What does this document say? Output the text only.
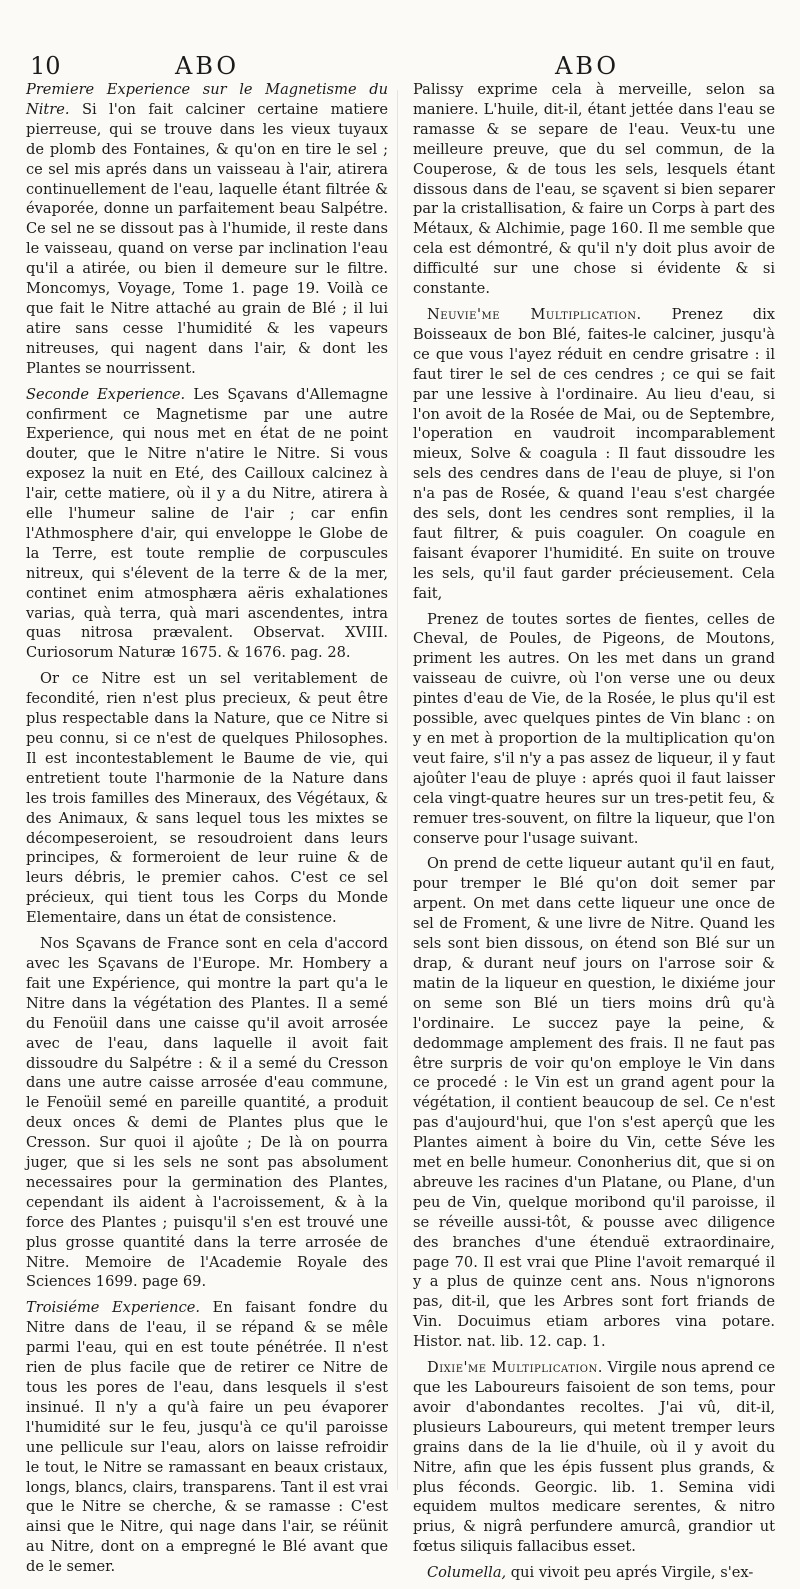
10	ABO	ABO

Premiere Experience sur le Magnetisme du Nitre. Si l'on fait calciner certaine matiere pierreuse, qui se trouve dans les vieux tuyaux de plomb des Fontaines, & qu'on en tire le sel ; ce sel mis aprés dans un vaisseau à l'air, atirera continuellement de l'eau, laquelle étant filtrée & évaporée, donne un parfaitement beau Salpétre. Ce sel ne se dissout pas à l'humide, il reste dans le vaisseau, quand on verse par inclination l'eau qu'il a atirée, ou bien il demeure sur le filtre. Moncomys, Voyage, Tome 1. page 19. Voilà ce que fait le Nitre attaché au grain de Blé ; il lui atire sans cesse l'humidité & les vapeurs nitreuses, qui nagent dans l'air, & dont les Plantes se nourrissent.

Seconde Experience. Les Sçavans d'Allemagne confirment ce Magnetisme par une autre Experience, qui nous met en état de ne point douter, que le Nitre n'atire le Nitre. Si vous exposez la nuit en Eté, des Cailloux calcinez à l'air, cette matiere, où il y a du Nitre, atirera à elle l'humeur saline de l'air ; car enfin l'Athmosphere d'air, qui enveloppe le Globe de la Terre, est toute remplie de corpuscules nitreux, qui s'élevent de la terre & de la mer, continet enim atmosphæra aëris exhalationes varias, quà terra, quà mari ascendentes, intra quas nitrosa prævalent. Observat. XVIII. Curiosorum Naturæ 1675. & 1676. pag. 28.

Or ce Nitre est un sel veritablement de fecondité, rien n'est plus precieux, & peut être plus respectable dans la Nature, que ce Nitre si peu connu, si ce n'est de quelques Philosophes. Il est incontestablement le Baume de vie, qui entretient toute l'harmonie de la Nature dans les trois familles des Mineraux, des Végétaux, & des Animaux, & sans lequel tous les mixtes se décompeseroient, se resoudroient dans leurs principes, & formeroient de leur ruine & de leurs débris, le premier cahos. C'est ce sel précieux, qui tient tous les Corps du Monde Elementaire, dans un état de consistence.

Nos Sçavans de France sont en cela d'accord avec les Sçavans de l'Europe. Mr. Hombery a fait une Expérience, qui montre la part qu'a le Nitre dans la végétation des Plantes. Il a semé du Fenoüil dans une caisse qu'il avoit arrosée avec de l'eau, dans laquelle il avoit fait dissoudre du Salpétre : & il a semé du Cresson dans une autre caisse arrosée d'eau commune, le Fenoüil semé en pareille quantité, a produit deux onces & demi de Plantes plus que le Cresson. Sur quoi il ajoûte ; De là on pourra juger, que si les sels ne sont pas absolument necessaires pour la germination des Plantes, cependant ils aident à l'acroissement, & à la force des Plantes ; puisqu'il s'en est trouvé une plus grosse quantité dans la terre arrosée de Nitre. Memoire de l'Academie Royale des Sciences 1699. page 69.

Troisiéme Experience. En faisant fondre du Nitre dans de l'eau, il se répand & se mêle parmi l'eau, qui en est toute pénétrée. Il n'est rien de plus facile que de retirer ce Nitre de tous les pores de l'eau, dans lesquels il s'est insinué. Il n'y a qu'à faire un peu évaporer l'humidité sur le feu, jusqu'à ce qu'il paroisse une pellicule sur l'eau, alors on laisse refroidir le tout, le Nitre se ramassant en beaux cristaux, longs, blancs, clairs, transparens. Tant il est vrai que le Nitre se cherche, & se ramasse : C'est ainsi que le Nitre, qui nage dans l'air, se réünit au Nitre, dont on a empregné le Blé avant que de le semer.

Palissy exprime cela à merveille, selon sa maniere. L'huile, dit-il, étant jettée dans l'eau se ramasse & se separe de l'eau. Veux-tu une meilleure preuve, que du sel commun, de la Couperose, & de tous les sels, lesquels étant dissous dans de l'eau, se sçavent si bien separer par la cristallisation, & faire un Corps à part des Métaux, & Alchimie, page 160. Il me semble que cela est démontré, & qu'il n'y doit plus avoir de difficulté sur une chose si évidente & si constante.

Neuvie'me Multiplication. Prenez dix Boisseaux de bon Blé, faites-le calciner, jusqu'à ce que vous l'ayez réduit en cendre grisatre : il faut tirer le sel de ces cendres ; ce qui se fait par une lessive à l'ordinaire. Au lieu d'eau, si l'on avoit de la Rosée de Mai, ou de Septembre, l'operation en vaudroit incomparablement mieux, Solve & coagula : Il faut dissoudre les sels des cendres dans de l'eau de pluye, si l'on n'a pas de Rosée, & quand l'eau s'est chargée des sels, dont les cendres sont remplies, il la faut filtrer, & puis coaguler. On coagule en faisant évaporer l'humidité. En suite on trouve les sels, qu'il faut garder précieusement. Cela fait,

Prenez de toutes sortes de fientes, celles de Cheval, de Poules, de Pigeons, de Moutons, priment les autres. On les met dans un grand vaisseau de cuivre, où l'on verse une ou deux pintes d'eau de Vie, de la Rosée, le plus qu'il est possible, avec quelques pintes de Vin blanc : on y en met à proportion de la multiplication qu'on veut faire, s'il n'y a pas assez de liqueur, il y faut ajoûter l'eau de pluye : aprés quoi il faut laisser cela vingt-quatre heures sur un tres-petit feu, & remuer tres-souvent, on filtre la liqueur, que l'on conserve pour l'usage suivant.

On prend de cette liqueur autant qu'il en faut, pour tremper le Blé qu'on doit semer par arpent. On met dans cette liqueur une once de sel de Froment, & une livre de Nitre. Quand les sels sont bien dissous, on étend son Blé sur un drap, & durant neuf jours on l'arrose soir & matin de la liqueur en question, le dixiéme jour on seme son Blé un tiers moins drû qu'à l'ordinaire. Le succez paye la peine, & dedommage amplement des frais. Il ne faut pas être surpris de voir qu'on employe le Vin dans ce procedé : le Vin est un grand agent pour la végétation, il contient beaucoup de sel. Ce n'est pas d'aujourd'hui, que l'on s'est aperçû que les Plantes aiment à boire du Vin, cette Séve les met en belle humeur. Cononherius dit, que si on abreuve les racines d'un Platane, ou Plane, d'un peu de Vin, quelque moribond qu'il paroisse, il se réveille aussi-tôt, & pousse avec diligence des branches d'une étenduë extraordinaire, page 70. Il est vrai que Pline l'avoit remarqué il y a plus de quinze cent ans. Nous n'ignorons pas, dit-il, que les Arbres sont fort friands de Vin. Docuimus etiam arbores vina potare. Histor. nat. lib. 12. cap. 1.

Dixie'me Multiplication. Virgile nous aprend ce que les Laboureurs faisoient de son tems, pour avoir d'abondantes recoltes. J'ai vû, dit-il, plusieurs Laboureurs, qui metent tremper leurs grains dans de la lie d'huile, où il y avoit du Nitre, afin que les épis fussent plus grands, & plus féconds. Georgic. lib. 1. Semina vidi equidem multos medicare serentes, & nitro prius, & nigrâ perfundere amurcâ, grandior ut fœtus siliquis fallacibus esset.

Columella, qui vivoit peu aprés Virgile, s'ex-
